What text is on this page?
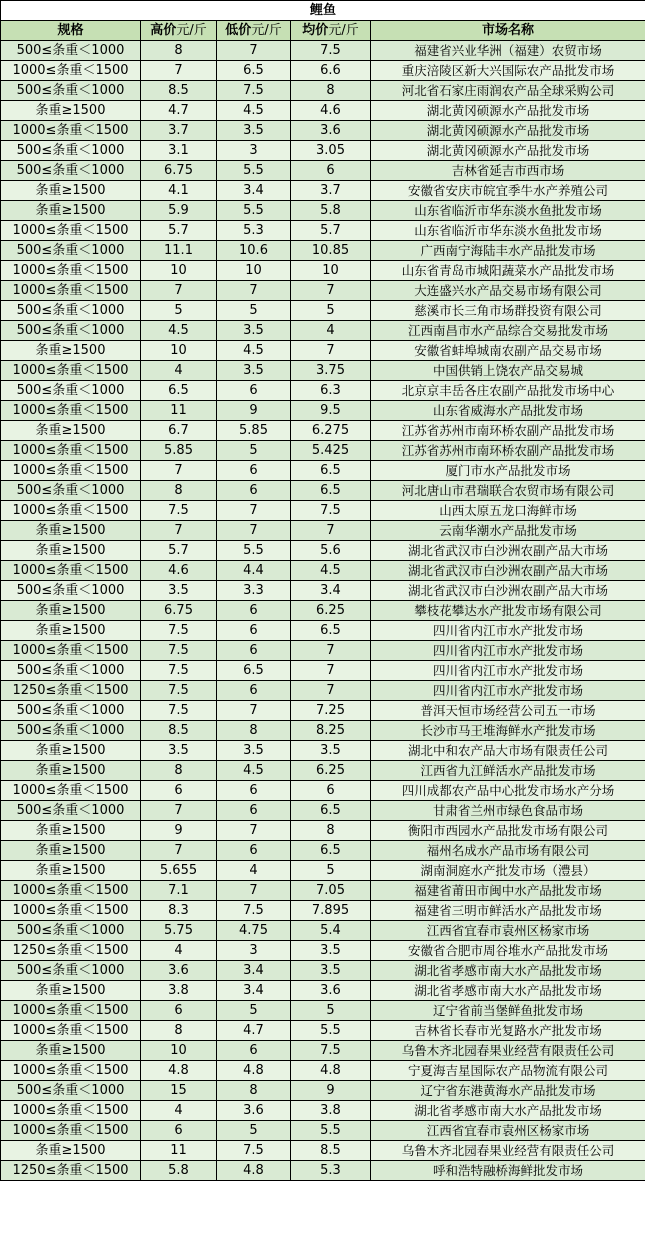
鲤鱼				
规格	高价元/斤	低价元/斤	均价元/斤	市场名称
500≤条重＜1000	8	7	7.5	福建省兴业华洲（福建）农贸市场
1000≤条重＜1500	7	6.5	6.6	重庆涪陵区新大兴国际农产品批发市场
500≤条重＜1000	8.5	7.5	8	河北省石家庄雨润农产品全球采购公司
条重≥1500	4.7	4.5	4.6	湖北黄冈硕源水产品批发市场
1000≤条重＜1500	3.7	3.5	3.6	湖北黄冈硕源水产品批发市场
500≤条重＜1000	3.1	3	3.05	湖北黄冈硕源水产品批发市场
500≤条重＜1000	6.75	5.5	6	吉林省延吉市西市场
条重≥1500	4.1	3.4	3.7	安徽省安庆市皖宜季牛水产养殖公司
条重≥1500	5.9	5.5	5.8	山东省临沂市华东淡水鱼批发市场
1000≤条重＜1500	5.7	5.3	5.7	山东省临沂市华东淡水鱼批发市场
500≤条重＜1000	11.1	10.6	10.85	广西南宁海陆丰水产品批发市场
1000≤条重＜1500	10	10	10	山东省青岛市城阳蔬菜水产品批发市场
1000≤条重＜1500	7	7	7	大连盛兴水产品交易市场有限公司
500≤条重＜1000	5	5	5	慈溪市长三角市场群投资有限公司
500≤条重＜1000	4.5	3.5	4	江西南昌市水产品综合交易批发市场
条重≥1500	10	4.5	7	安徽省蚌埠城南农副产品交易市场
1000≤条重＜1500	4	3.5	3.75	中国供销上饶农产品交易城
500≤条重＜1000	6.5	6	6.3	北京京丰岳各庄农副产品批发市场中心
1000≤条重＜1500	11	9	9.5	山东省威海水产品批发市场
条重≥1500	6.7	5.85	6.275	江苏省苏州市南环桥农副产品批发市场
1000≤条重＜1500	5.85	5	5.425	江苏省苏州市南环桥农副产品批发市场
1000≤条重＜1500	7	6	6.5	厦门市水产品批发市场
500≤条重＜1000	8	6	6.5	河北唐山市君瑞联合农贸市场有限公司
1000≤条重＜1500	7.5	7	7.5	山西太原五龙口海鲜市场
条重≥1500	7	7	7	云南华潮水产品批发市场
条重≥1500	5.7	5.5	5.6	湖北省武汉市白沙洲农副产品大市场
1000≤条重＜1500	4.6	4.4	4.5	湖北省武汉市白沙洲农副产品大市场
500≤条重＜1000	3.5	3.3	3.4	湖北省武汉市白沙洲农副产品大市场
条重≥1500	6.75	6	6.25	攀枝花攀达水产批发市场有限公司
条重≥1500	7.5	6	6.5	四川省内江市水产批发市场
1000≤条重＜1500	7.5	6	7	四川省内江市水产批发市场
500≤条重＜1000	7.5	6.5	7	四川省内江市水产批发市场
1250≤条重＜1500	7.5	6	7	四川省内江市水产批发市场
500≤条重＜1000	7.5	7	7.25	普洱天恒市场经营公司五一市场
500≤条重＜1000	8.5	8	8.25	长沙市马王堆海鲜水产批发市场
条重≥1500	3.5	3.5	3.5	湖北中和农产品大市场有限责任公司
条重≥1500	8	4.5	6.25	江西省九江鲜活水产品批发市场
1000≤条重＜1500	6	6	6	四川成都农产品中心批发市场水产分场
500≤条重＜1000	7	6	6.5	甘肃省兰州市绿色食品市场
条重≥1500	9	7	8	衡阳市西园水产品批发市场有限公司
条重≥1500	7	6	6.5	福州名成水产品市场有限公司
条重≥1500	5.655	4	5	湖南洞庭水产批发市场（澧县）
1000≤条重＜1500	7.1	7	7.05	福建省莆田市闽中水产品批发市场
1000≤条重＜1500	8.3	7.5	7.895	福建省三明市鲜活水产品批发市场
500≤条重＜1000	5.75	4.75	5.4	江西省宜春市袁州区杨家市场
1250≤条重＜1500	4	3	3.5	安徽省合肥市周谷堆水产品批发市场
500≤条重＜1000	3.6	3.4	3.5	湖北省孝感市南大水产品批发市场
条重≥1500	3.8	3.4	3.6	湖北省孝感市南大水产品批发市场
1000≤条重＜1500	6	5	5	辽宁省前当堡鲜鱼批发市场
1000≤条重＜1500	8	4.7	5.5	吉林省长春市光复路水产批发市场
条重≥1500	10	6	7.5	乌鲁木齐北园春果业经营有限责任公司
1000≤条重＜1500	4.8	4.8	4.8	宁夏海吉星国际农产品物流有限公司
500≤条重＜1000	15	8	9	辽宁省东港黄海水产品批发市场
1000≤条重＜1500	4	3.6	3.8	湖北省孝感市南大水产品批发市场
1000≤条重＜1500	6	5	5.5	江西省宜春市袁州区杨家市场
条重≥1500	11	7.5	8.5	乌鲁木齐北园春果业经营有限责任公司
1250≤条重＜1500	5.8	4.8	5.3	呼和浩特融桥海鲜批发市场
